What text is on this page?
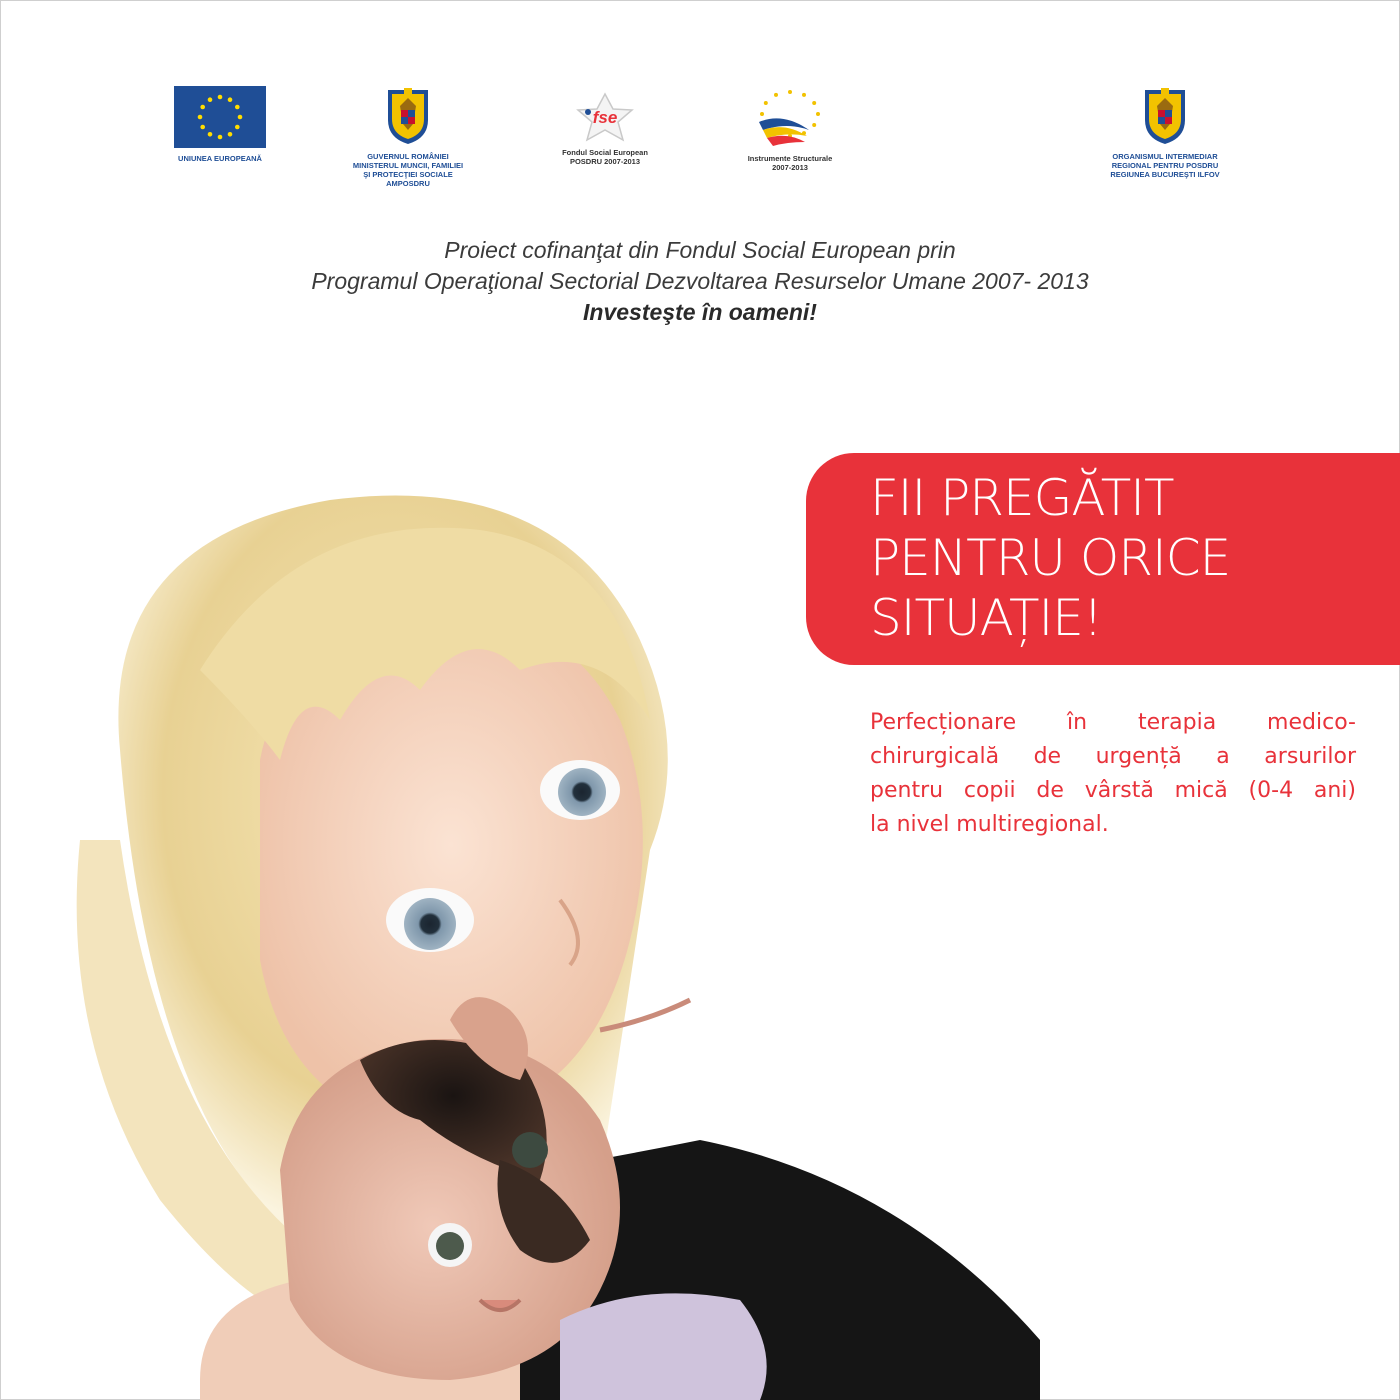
UNIUNEA EUROPEANĂ	GUVERNUL ROMÂNIEI
MINISTERUL MUNCII, FAMILIEI
ŞI PROTECŢIEI SOCIALE
AMPOSDRU
fse
Fondul Social European
POSDRU 2007-2013	Instrumente Structurale
2007-2013
ORGANISMUL INTERMEDIAR
REGIONAL PENTRU POSDRU
REGIUNEA BUCUREŞTI ILFOV
Proiect cofinanţat din Fondul Social European prin
Programul Operaţional Sectorial Dezvoltarea Resurselor Umane 2007- 2013
Investeşte în oameni!
FII PREGĂTIT
PENTRU ORICE
SITUAȚIE!
Perfecționare în terapia medico-
chirurgicală de urgență a arsurilor
pentru copii de vârstă mică (0-4 ani)
la nivel multiregional.
